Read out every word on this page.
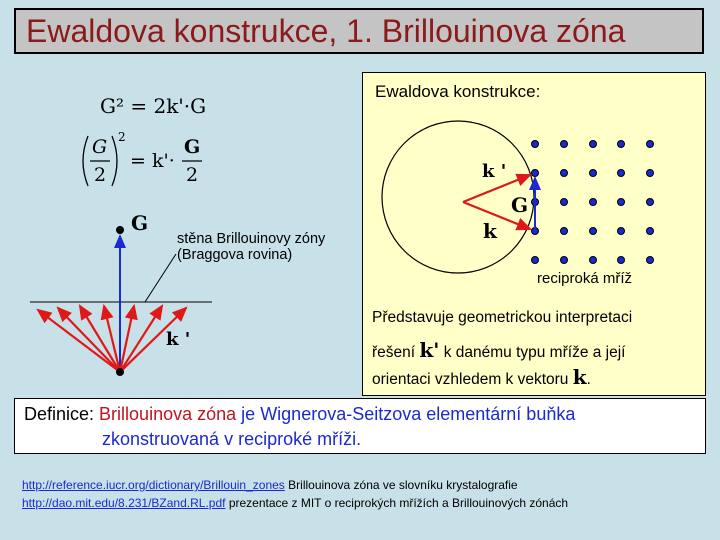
Ewaldova konstrukce, 1. Brillouinova zóna
G² = 2k'·G
G
2
2
= k'·
G
2
G
k '
stěna Brillouinovy zóny
(Braggova rovina)
Ewaldova konstrukce:
k '
G
k
reciproká mříž
Představuje geometrickou interpretaci
řešení k' k danému typu mříže a její
orientaci vzhledem k vektoru k.
Definice: Brillouinova zóna je Wignerova-Seitzova elementární buňka
zkonstruovaná v reciproké mříži.
http://reference.iucr.org/dictionary/Brillouin_zones Brillouinova zóna ve slovníku krystalografie
http://dao.mit.edu/8.231/BZand.RL.pdf prezentace z MIT o reciprokých mřížích a Brillouinových zónách
